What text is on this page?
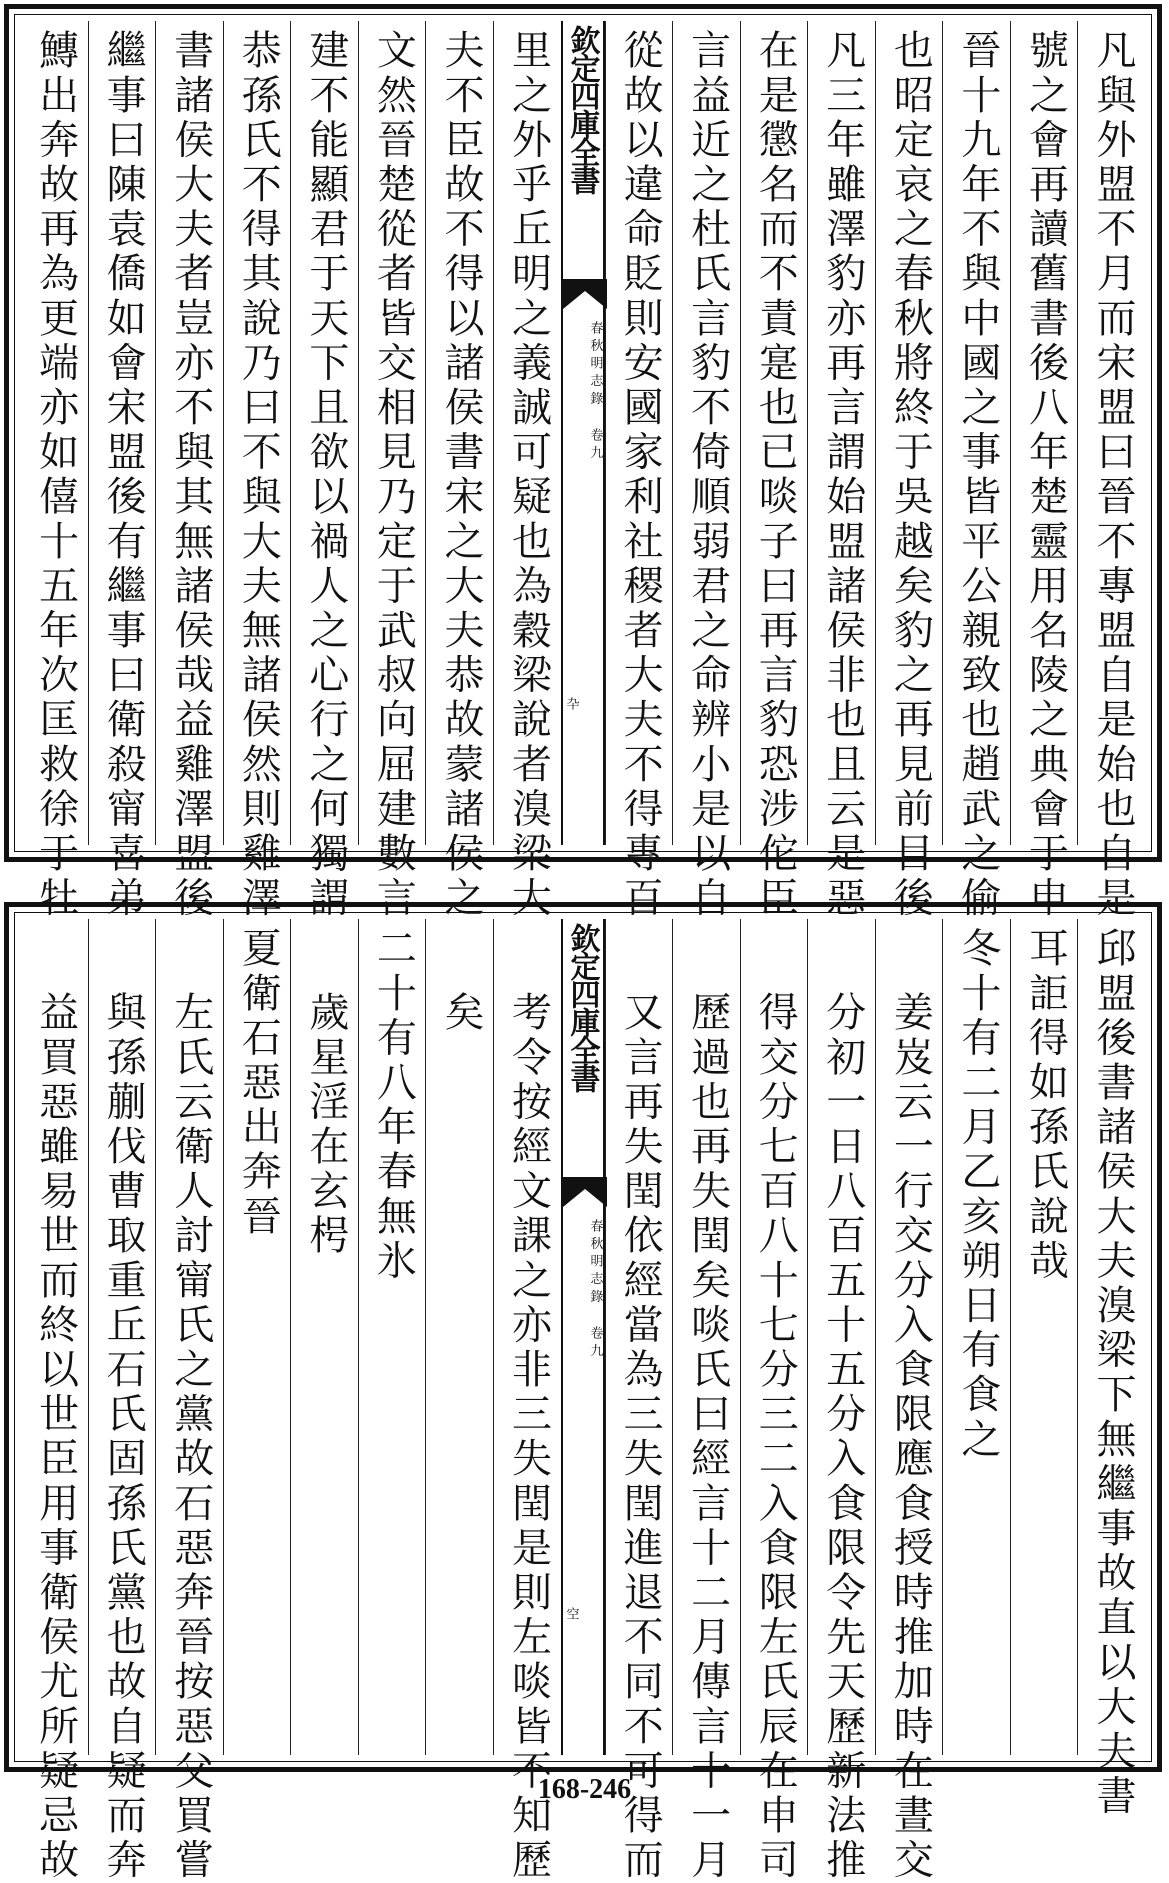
凡與外盟不月而宋盟曰晉不專盟自是始也自是
號之會再讀舊書後八年楚靈用名陵之典會于申
晉十九年不與中國之事皆平公親致也趙武之偷
也昭定哀之春秋將終于吳越矣豹之再見前目後
凡三年雖澤豹亦再言謂始盟諸侯非也且云是惡
在是懲名而不責寔也已啖子曰再言豹恐涉佗臣
言益近之杜氏言豹不倚順弱君之命辨小是以自
從故以違命貶則安國家利社稷者大夫不得專百
欽定四庫全書
春秋明志錄
卷九
卆
里之外乎丘明之義誠可疑也為穀梁說者溴梁大
夫不臣故不得以諸侯書宋之大夫恭故蒙諸侯之
文然晉楚從者皆交相見乃定于武叔向屈建數言
建不能顯君于天下且欲以禍人之心行之何獨謂
恭孫氏不得其說乃曰不與大夫無諸侯然則雞澤
書諸侯大夫者豈亦不與其無諸侯哉益雞澤盟後
繼事曰陳袁僑如會宋盟後有繼事曰衛殺甯喜弟
鱄出奔故再為更端亦如僖十五年次匡救徐于牡
邱盟後書諸侯大夫溴梁下無繼事故直以大夫書
耳詎得如孫氏說哉
冬十有二月乙亥朔日有食之
姜岌云一行交分入食限應食授時推加時在晝交
分初一日八百五十五分入食限令先天歷新法推
得交分七百八十七分三二入食限左氏辰在申司
歷過也再失閏矣啖氏曰經言十二月傳言十一月
又言再失閏依經當為三失閏進退不同不可得而
欽定四庫全書
春秋明志錄
卷九
空
考令按經文課之亦非三失閏是則左啖皆不知歷
矣
二十有八年春無氷
歲星淫在玄枵
夏衛石惡出奔晉
左氏云衛人討甯氏之黨故石惡奔晉按惡父買嘗
與孫蒯伐曹取重丘石氏固孫氏黨也故自疑而奔
益買惡雖易世而終以世臣用事衛侯尤所疑忌故	168-246
